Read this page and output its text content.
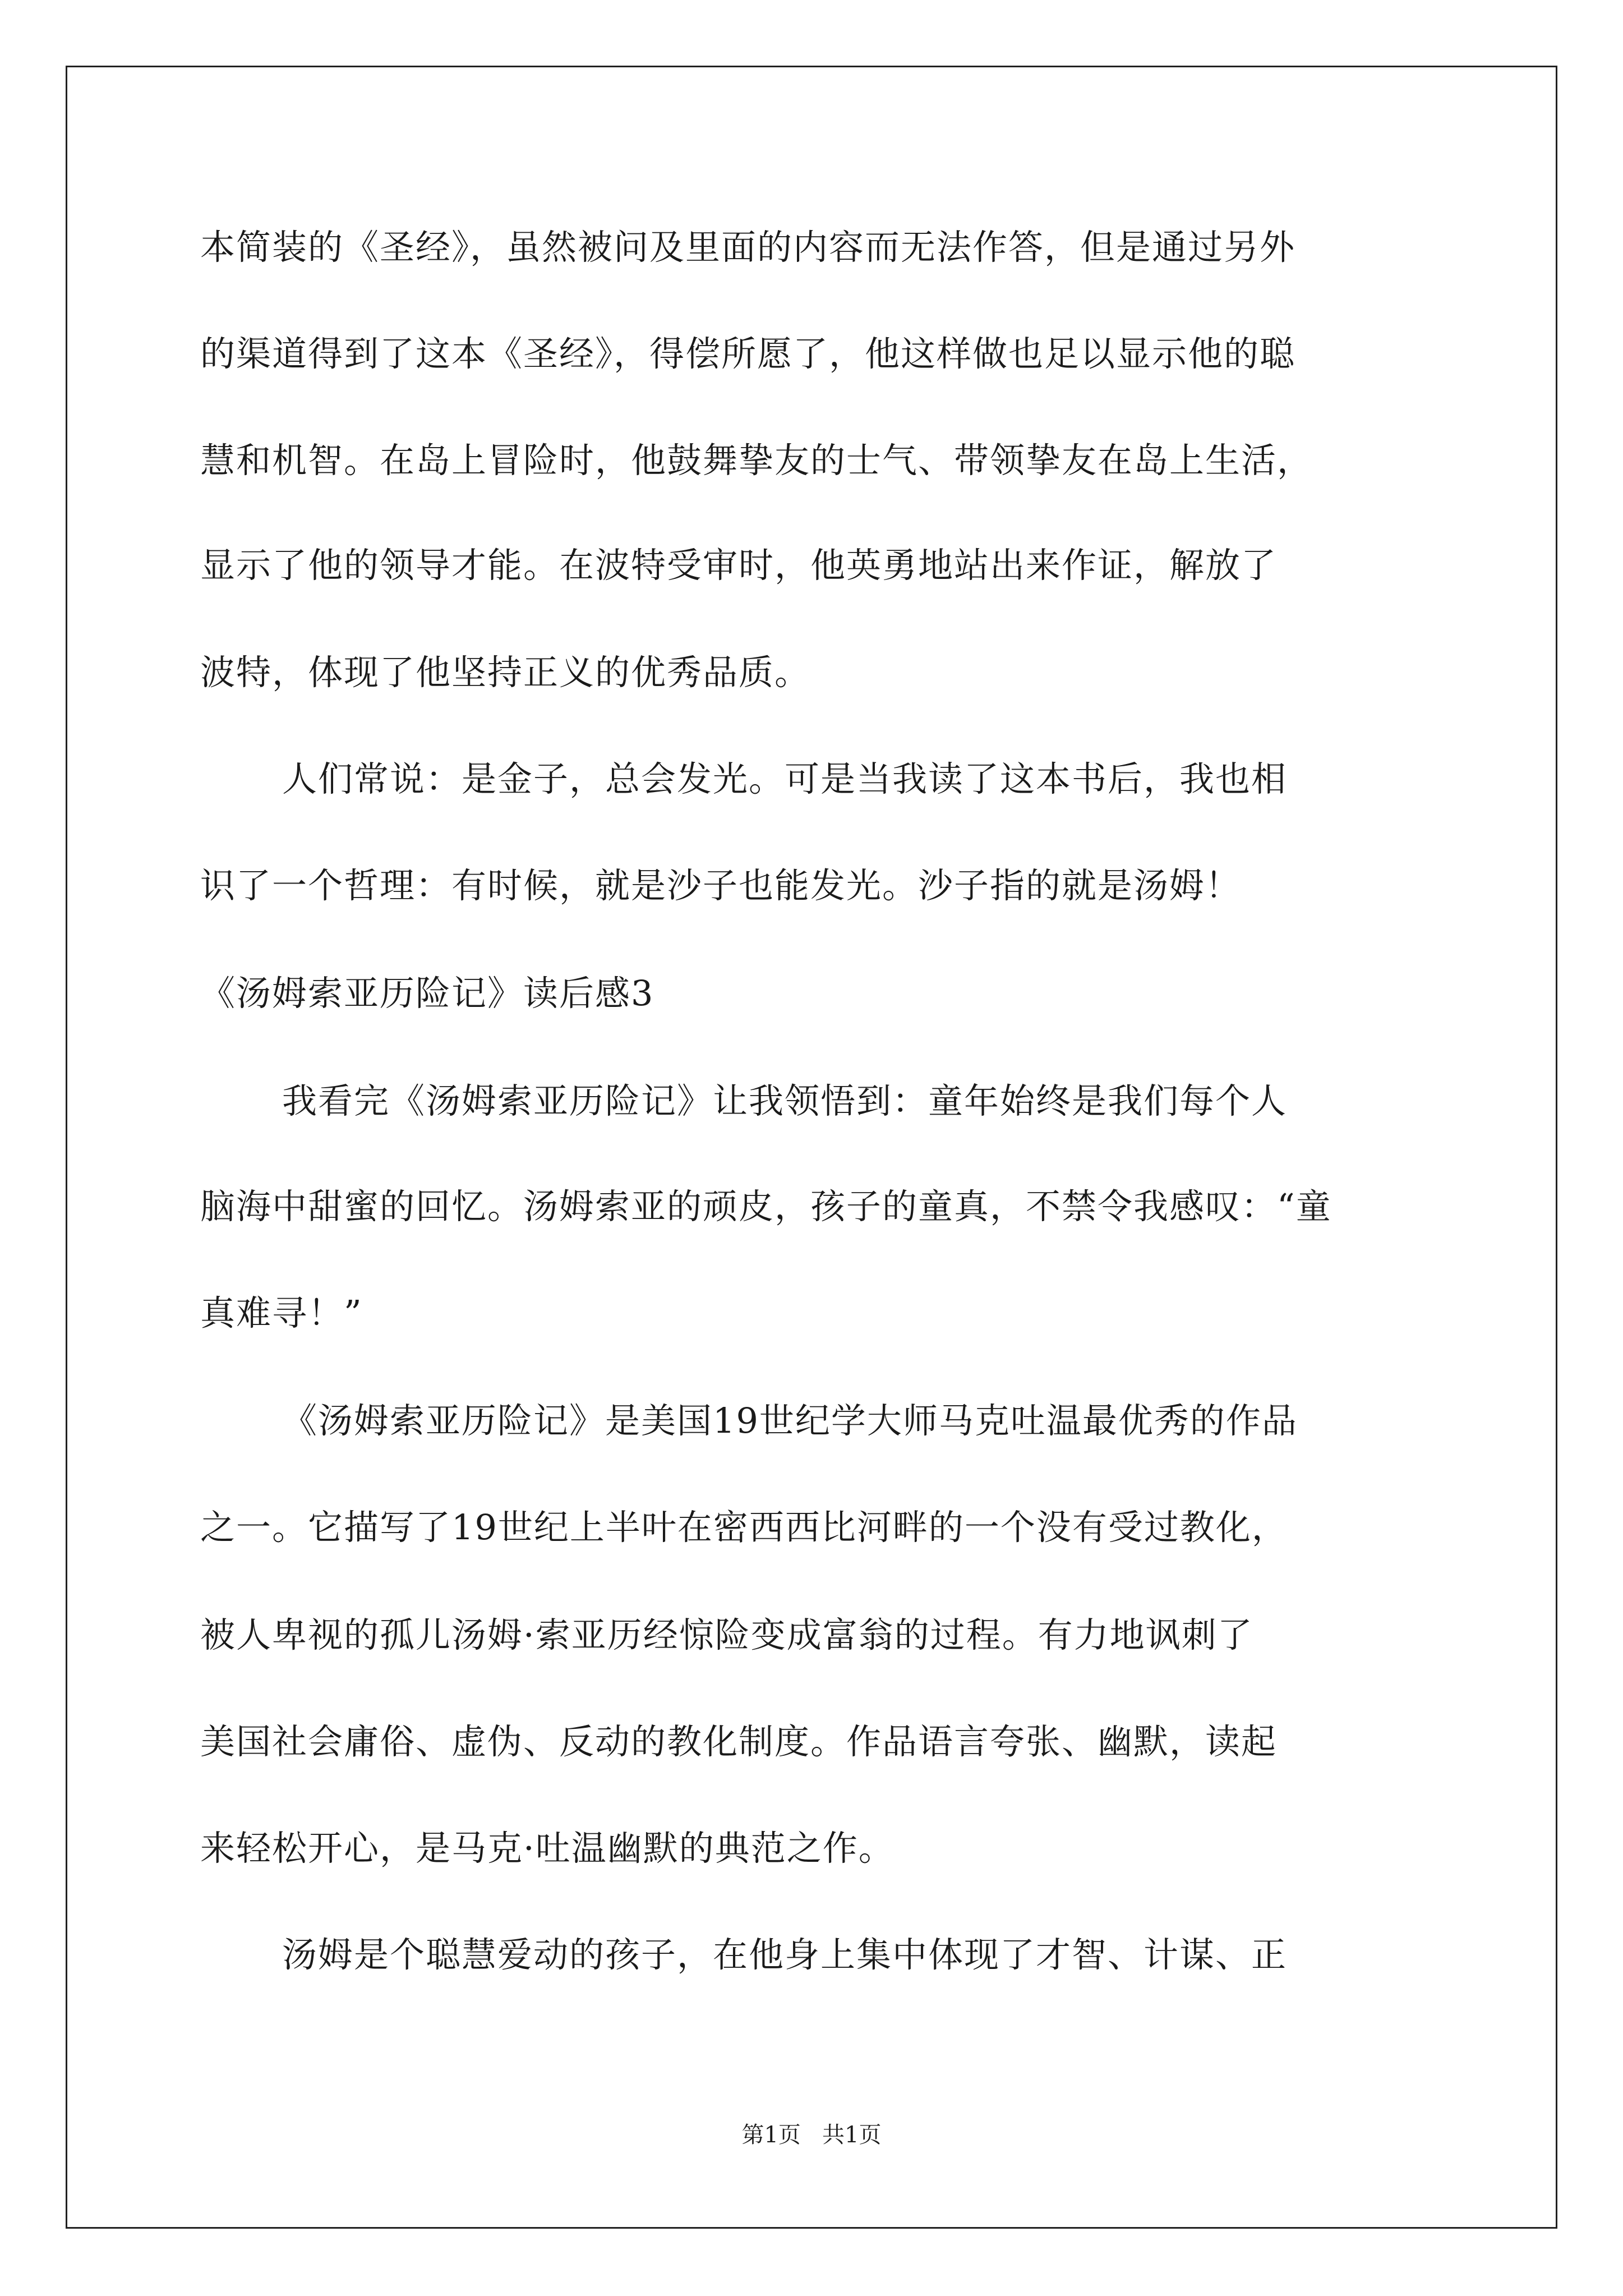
本简装的《圣经》，虽然被问及里面的内容而无法作答，但是通过另外
的渠道得到了这本《圣经》，得偿所愿了，他这样做也足以显示他的聪
慧和机智。在岛上冒险时，他鼓舞挚友的士气、带领挚友在岛上生活，
显示了他的领导才能。在波特受审时，他英勇地站出来作证，解放了
波特，体现了他坚持正义的优秀品质。
人们常说：是金子，总会发光。可是当我读了这本书后，我也相
识了一个哲理：有时候，就是沙子也能发光。沙子指的就是汤姆！
《汤姆索亚历险记》读后感3
我看完《汤姆索亚历险记》让我领悟到：童年始终是我们每个人
脑海中甜蜜的回忆。汤姆索亚的顽皮，孩子的童真，不禁令我感叹：“童
真难寻！”
《汤姆索亚历险记》是美国19世纪学大师马克吐温最优秀的作品
之一。它描写了19世纪上半叶在密西西比河畔的一个没有受过教化，
被人卑视的孤儿汤姆·索亚历经惊险变成富翁的过程。有力地讽刺了
美国社会庸俗、虚伪、反动的教化制度。作品语言夸张、幽默，读起
来轻松开心，是马克·吐温幽默的典范之作。
汤姆是个聪慧爱动的孩子，在他身上集中体现了才智、计谋、正
第1页   共1页
